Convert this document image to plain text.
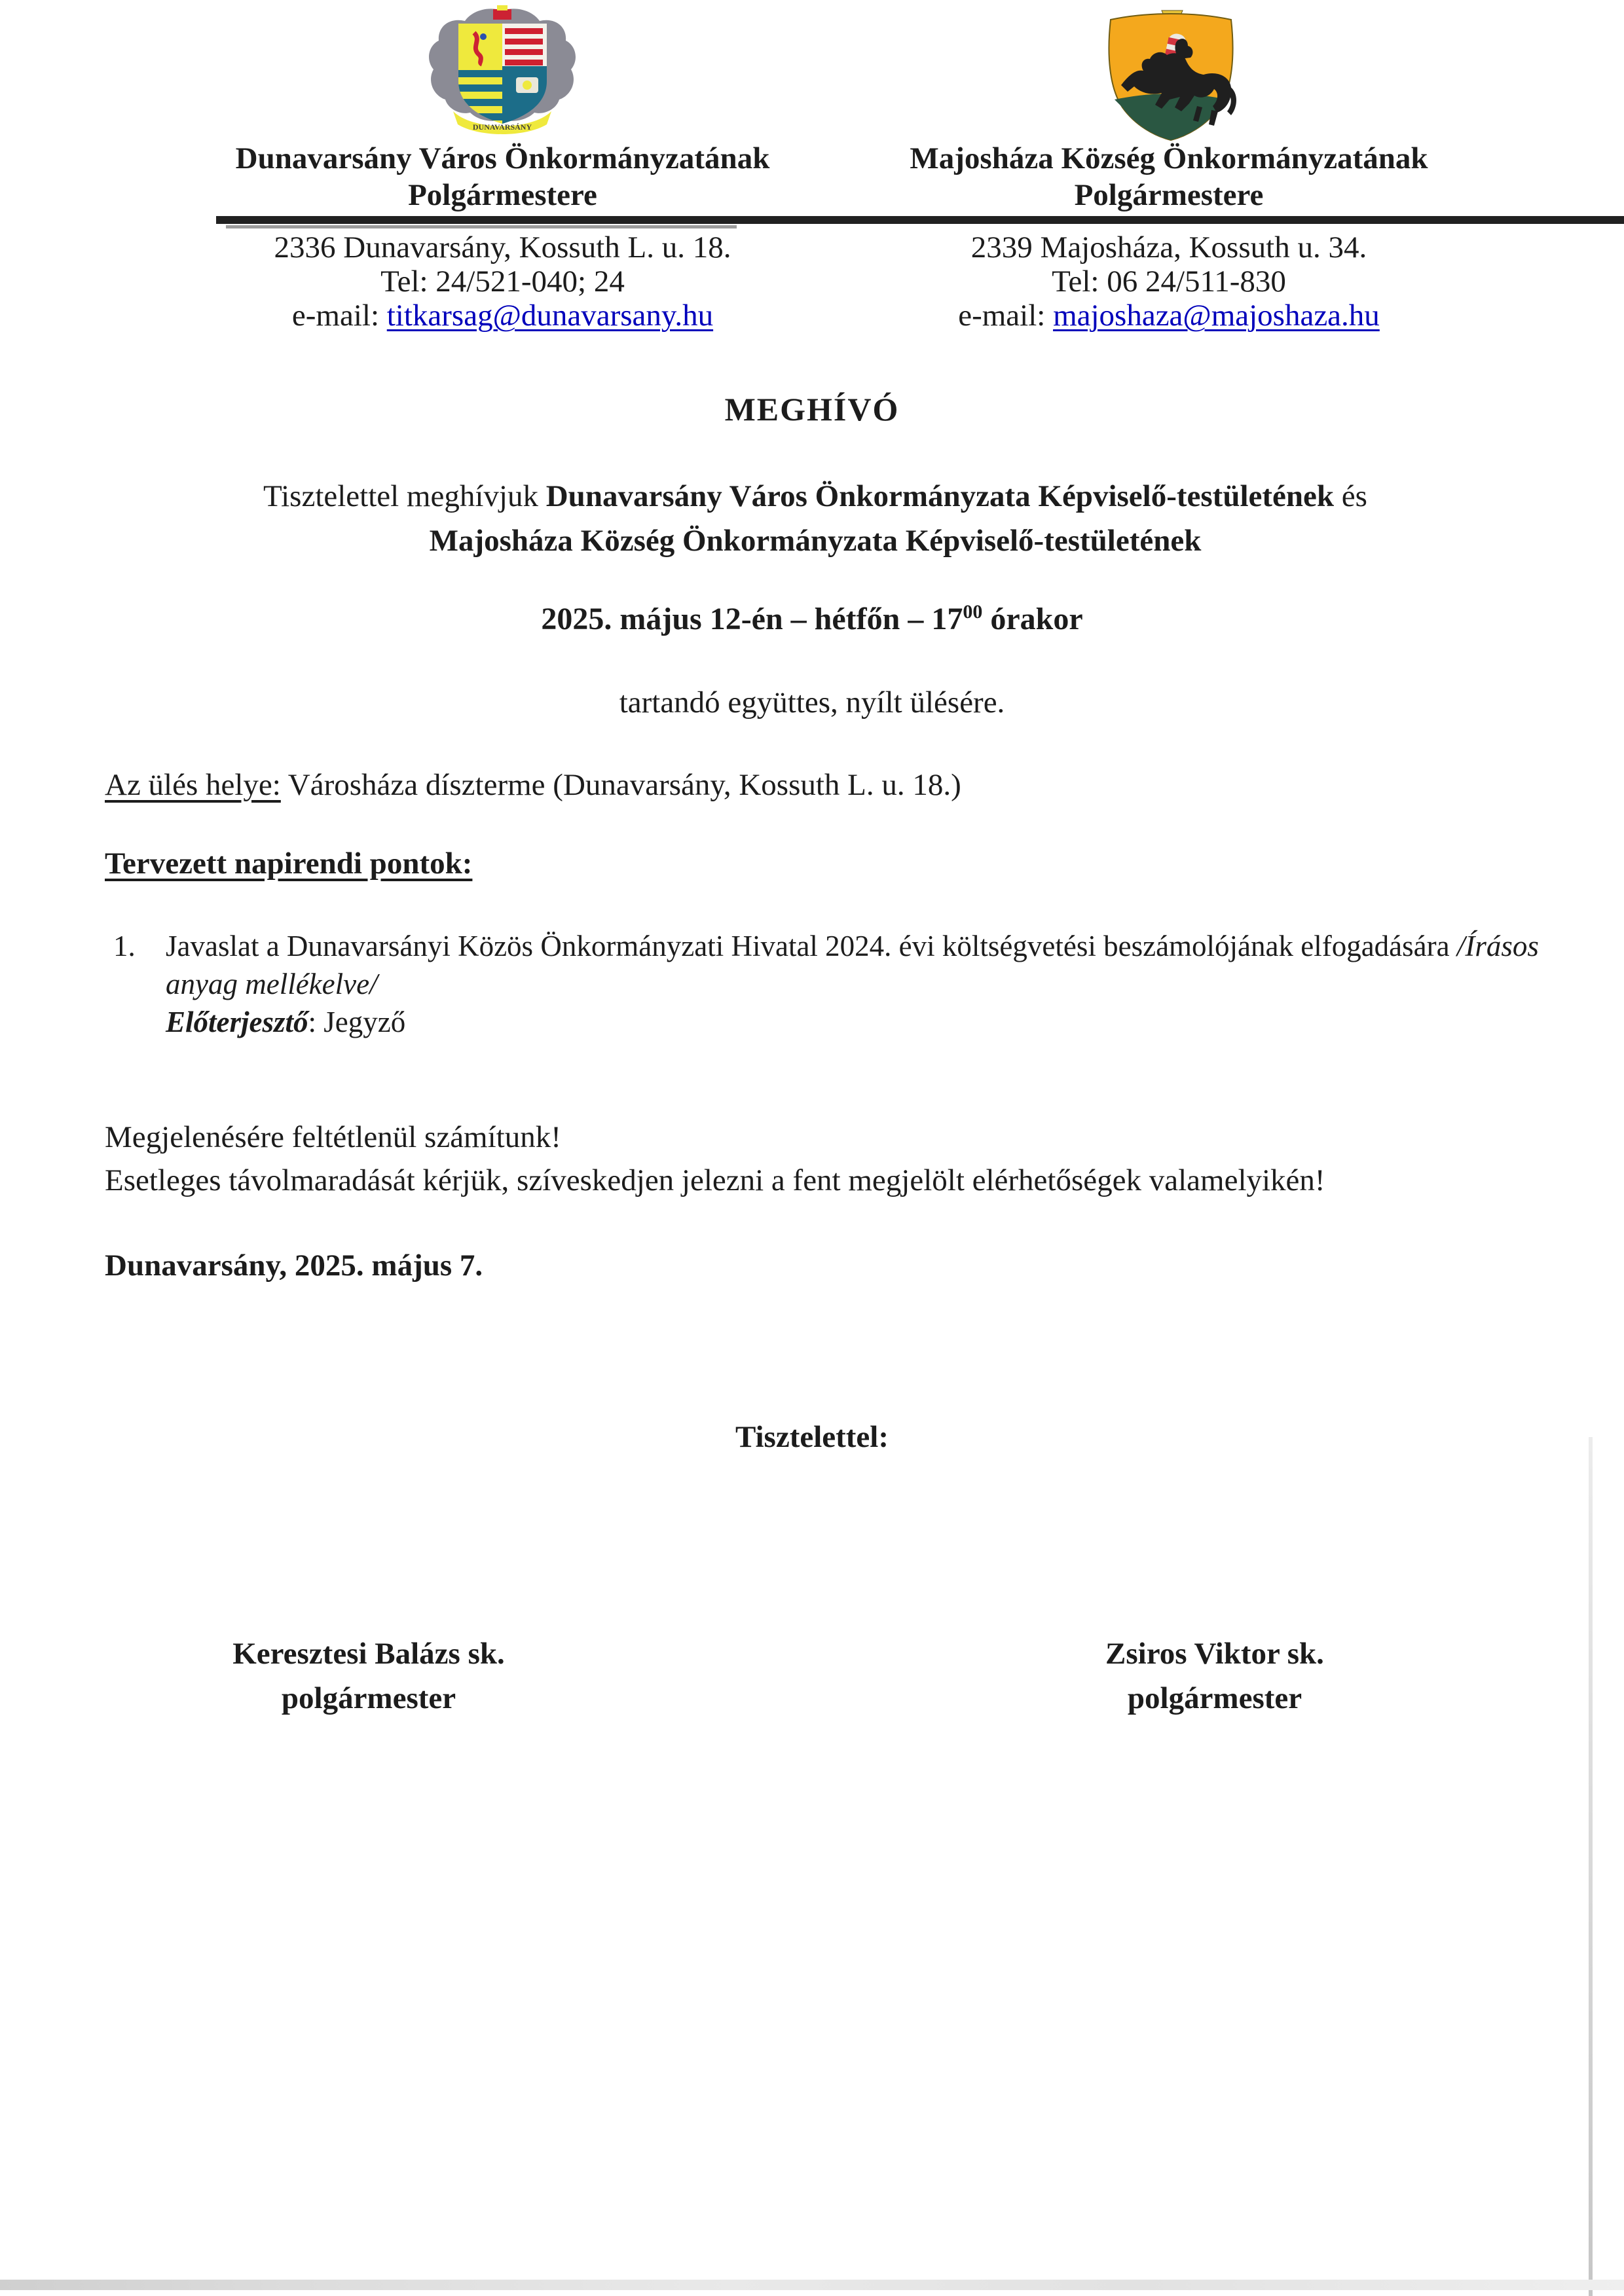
DUNAVARSÁNY
Dunavarsány Város Önkormányzatának
Polgármestere
2336 Dunavarsány, Kossuth L. u. 18.
Tel: 24/521-040; 24
e-mail: titkarsag@dunavarsany.hu
Majosháza Község Önkormányzatának
Polgármestere
2339 Majosháza, Kossuth u. 34.
Tel: 06 24/511-830
e-mail: majoshaza@majoshaza.hu
MEGHÍVÓ
Tisztelettel meghívjuk Dunavarsány Város Önkormányzata Képviselő-testületének és
Majosháza Község Önkormányzata Képviselő-testületének
2025. május 12-én – hétfőn – $17^{00}$ órakor
tartandó együttes, nyílt ülésére.
Az ülés helye: Városháza díszterme (Dunavarsány, Kossuth L. u. 18.)
Tervezett napirendi pontok:
1. Javaslat a Dunavarsányi Közös Önkormányzati Hivatal 2024. évi költségvetési beszámolójának elfogadására /Írásos
anyag mellékelve/
Előterjesztő: Jegyző
Megjelenésére feltétlenül számítunk!
Esetleges távolmaradását kérjük, szíveskedjen jelezni a fent megjelölt elérhetőségek valamelyikén!
Dunavarsány, 2025. május 7.
Tisztelettel:
Keresztesi Balázs sk.
polgármester
Zsiros Viktor sk.
polgármester
